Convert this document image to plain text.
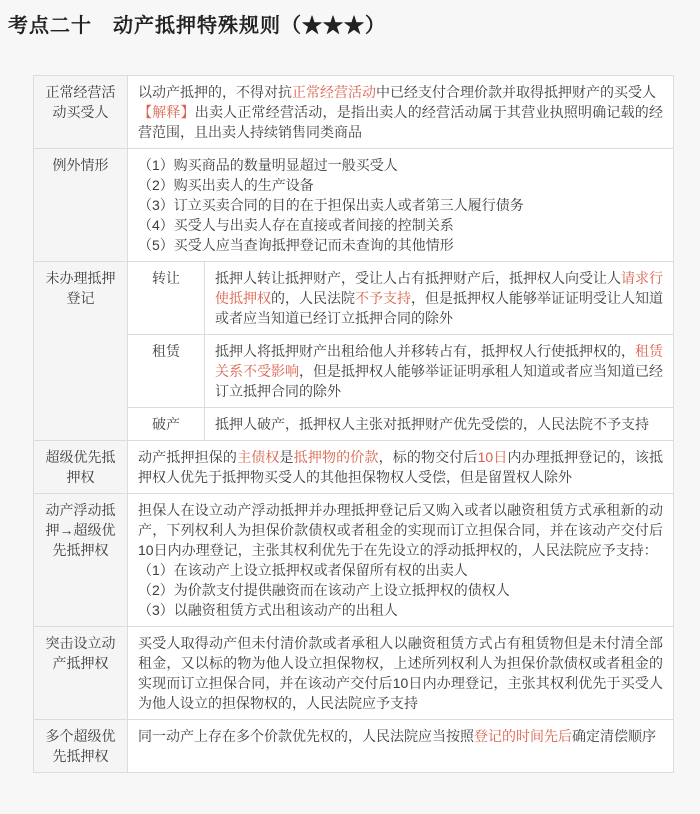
考点二十　动产抵押特殊规则（★★★）
正常经营活动买受人	以动产抵押的，不得对抗正常经营活动中已经支付合理价款并取得抵押财产的买受人

【解释】出卖人正常经营活动，是指出卖人的经营活动属于其营业执照明确记载的经营范围，且出卖人持续销售同类商品	

例外情形	（1）购买商品的数量明显超过一般买受人

（2）购买出卖人的生产设备

（3）订立买卖合同的目的在于担保出卖人或者第三人履行债务

（4）买受人与出卖人存在直接或者间接的控制关系

（5）买受人应当查询抵押登记而未查询的其他情形	

未办理抵押登记	转让	抵押人转让抵押财产，受让人占有抵押财产后，抵押权人向受让人请求行使抵押权的，人民法院不予支持，但是抵押权人能够举证证明受让人知道或者应当知道已经订立抵押合同的除外

	租赁	抵押人将抵押财产出租给他人并移转占有，抵押权人行使抵押权的，租赁关系不受影响，但是抵押权人能够举证证明承租人知道或者应当知道已经订立抵押合同的除外

	破产	抵押人破产，抵押权人主张对抵押财产优先受偿的，人民法院不予支持

超级优先抵押权	动产抵押担保的主债权是抵押物的价款，标的物交付后10日内办理抵押登记的，该抵押权人优先于抵押物买受人的其他担保物权人受偿，但是留置权人除外	

动产浮动抵押→超级优先抵押权	担保人在设立动产浮动抵押并办理抵押登记后又购入或者以融资租赁方式承租新的动产，下列权利人为担保价款债权或者租金的实现而订立担保合同，并在该动产交付后10日内办理登记，主张其权利优先于在先设立的浮动抵押权的，人民法院应予支持：

（1）在该动产上设立抵押权或者保留所有权的出卖人

（2）为价款支付提供融资而在该动产上设立抵押权的债权人

（3）以融资租赁方式出租该动产的出租人	

突击设立动产抵押权	买受人取得动产但未付清价款或者承租人以融资租赁方式占有租赁物但是未付清全部租金，又以标的物为他人设立担保物权，上述所列权利人为担保价款债权或者租金的实现而订立担保合同，并在该动产交付后10日内办理登记，主张其权利优先于买受人为他人设立的担保物权的，人民法院应予支持	

多个超级优先抵押权	同一动产上存在多个价款优先权的，人民法院应当按照登记的时间先后确定清偿顺序	
